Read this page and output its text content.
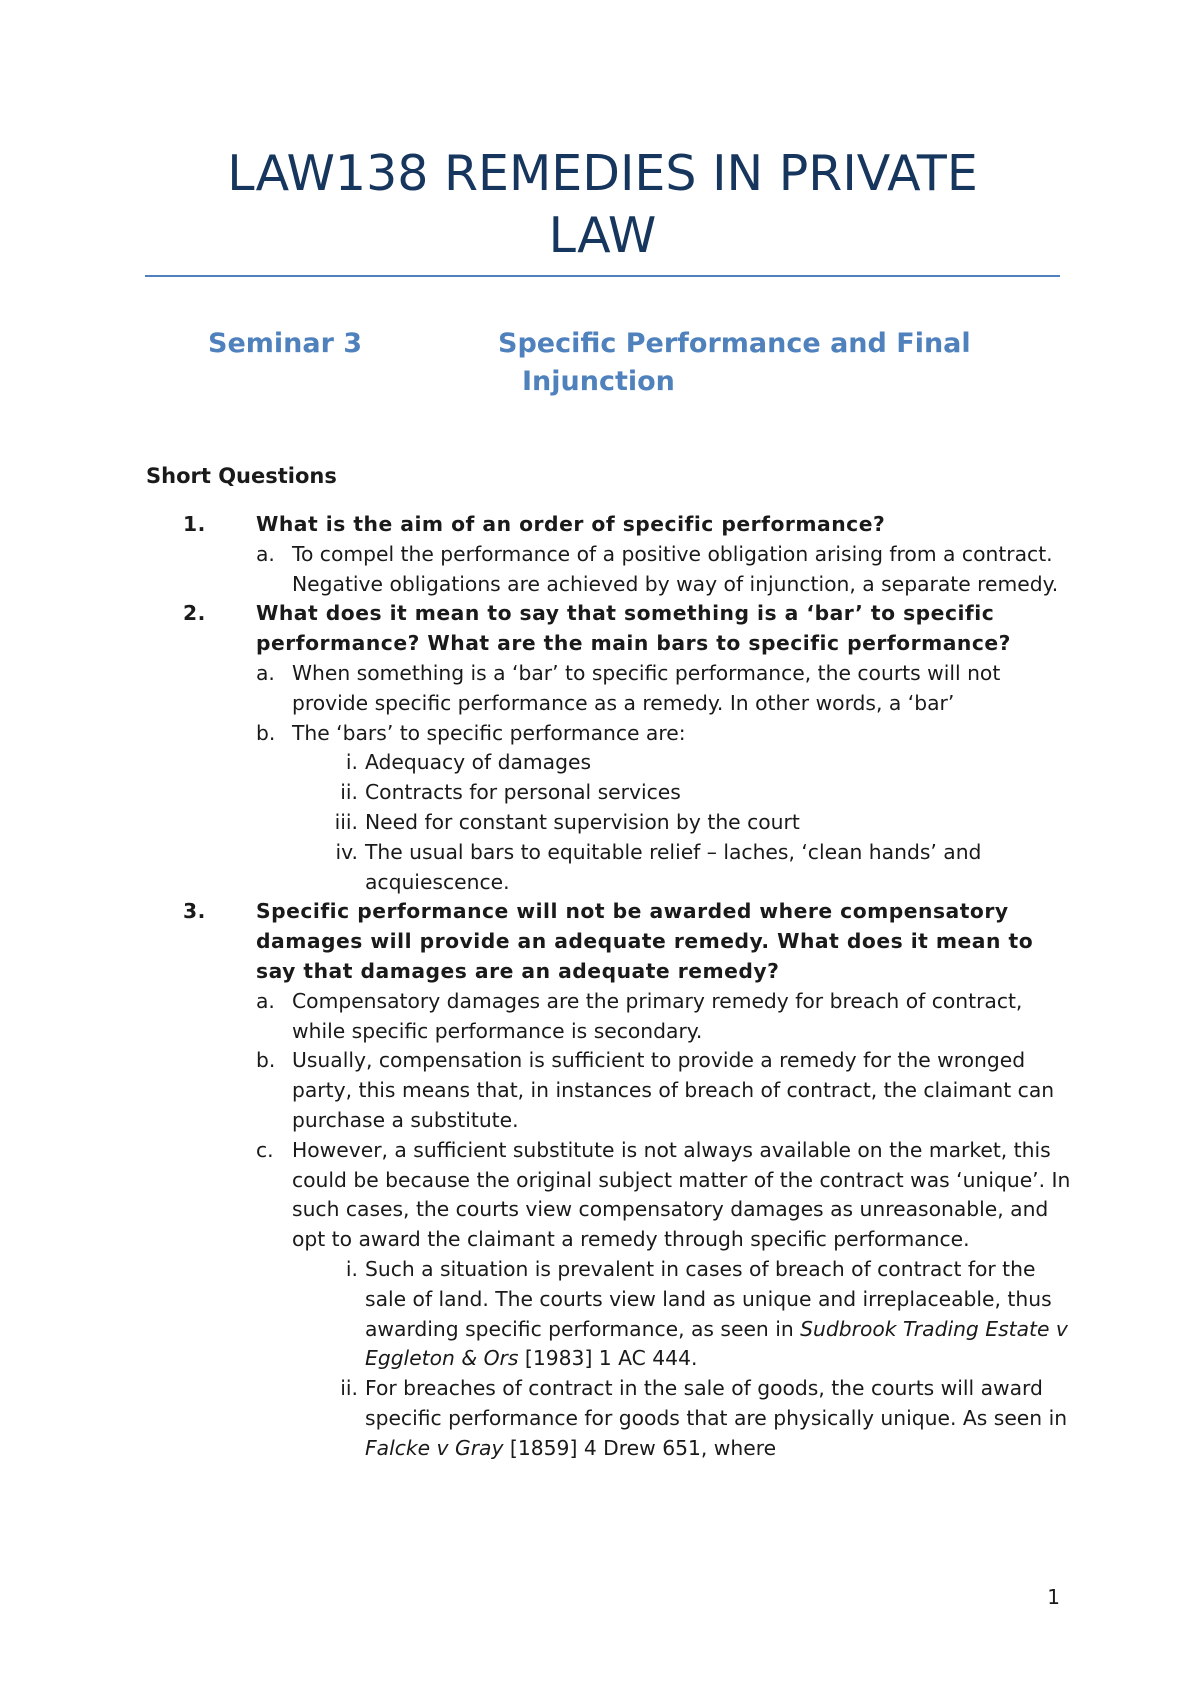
LAW138 REMEDIES IN PRIVATE
LAW
Seminar 3	Specific Performance and Final
Injunction
Short Questions
1. What is the aim of an order of specific performance?
a. To compel the performance of a positive obligation arising from a contract. Negative obligations are achieved by way of injunction, a separate remedy.
2. What does it mean to say that something is a ‘bar’ to specific performance? What are the main bars to specific performance?
a. When something is a ‘bar’ to specific performance, the courts will not provide specific performance as a remedy. In other words, a ‘bar’
b. The ‘bars’ to specific performance are:
i. Adequacy of damages
ii. Contracts for personal services
iii. Need for constant supervision by the court
iv. The usual bars to equitable relief – laches, ‘clean hands’ and acquiescence.
3. Specific performance will not be awarded where compensatory damages will provide an adequate remedy. What does it mean to say that damages are an adequate remedy?
a. Compensatory damages are the primary remedy for breach of contract, while specific performance is secondary.
b. Usually, compensation is sufficient to provide a remedy for the wronged party, this means that, in instances of breach of contract, the claimant can purchase a substitute.
c. However, a sufficient substitute is not always available on the market, this could be because the original subject matter of the contract was ‘unique’. In such cases, the courts view compensatory damages as unreasonable, and opt to award the claimant a remedy through specific performance.
i. Such a situation is prevalent in cases of breach of contract for the sale of land. The courts view land as unique and irreplaceable, thus awarding specific performance, as seen in Sudbrook Trading Estate v Eggleton & Ors [1983] 1 AC 444.
ii. For breaches of contract in the sale of goods, the courts will award specific performance for goods that are physically unique. As seen in Falcke v Gray [1859] 4 Drew 651, where
1
